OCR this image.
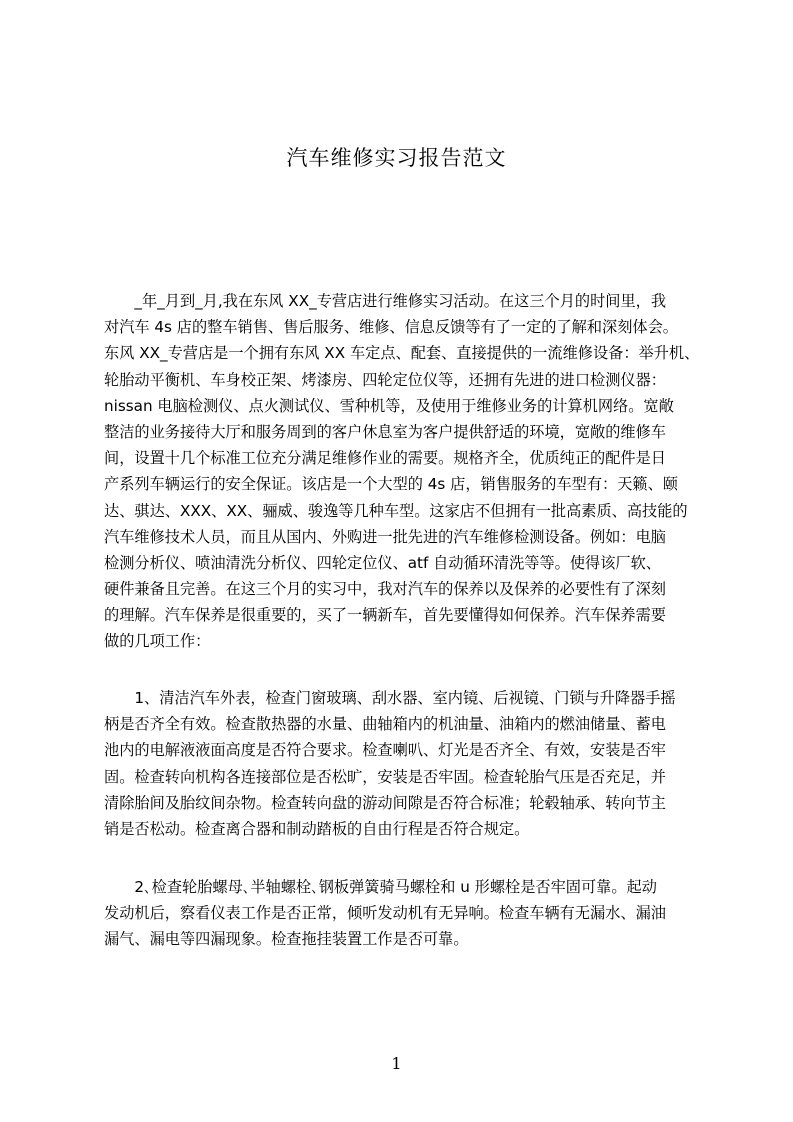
汽车维修实习报告范文
　　_年_月到_月,我在东风 XX_专营店进行维修实习活动。在这三个月的时间里，我
对汽车 4s 店的整车销售、售后服务、维修、信息反馈等有了一定的了解和深刻体会。
东风 XX_专营店是一个拥有东风 XX 车定点、配套、直接提供的一流维修设备：举升机、
轮胎动平衡机、车身校正架、烤漆房、四轮定位仪等，还拥有先进的进口检测仪器：
nissan 电脑检测仪、点火测试仪、雪种机等，及使用于维修业务的计算机网络。宽敞
整洁的业务接待大厅和服务周到的客户休息室为客户提供舒适的环境，宽敞的维修车
间，设置十几个标准工位充分满足维修作业的需要。规格齐全，优质纯正的配件是日
产系列车辆运行的安全保证。该店是一个大型的 4s 店，销售服务的车型有：天籁、颐
达、骐达、XXX、XX、骊威、骏逸等几种车型。这家店不但拥有一批高素质、高技能的
汽车维修技术人员，而且从国内、外购进一批先进的汽车维修检测设备。例如：电脑
检测分析仪、喷油清洗分析仪、四轮定位仪、atf 自动循环清洗等等。使得该厂软、
硬件兼备且完善。在这三个月的实习中，我对汽车的保养以及保养的必要性有了深刻
的理解。汽车保养是很重要的，买了一辆新车，首先要懂得如何保养。汽车保养需要
做的几项工作：
　　1、清洁汽车外表，检查门窗玻璃、刮水器、室内镜、后视镜、门锁与升降器手摇
柄是否齐全有效。检查散热器的水量、曲轴箱内的机油量、油箱内的燃油储量、蓄电
池内的电解液液面高度是否符合要求。检查喇叭、灯光是否齐全、有效，安装是否牢
固。检查转向机构各连接部位是否松旷，安装是否牢固。检查轮胎气压是否充足，并
清除胎间及胎纹间杂物。检查转向盘的游动间隙是否符合标准；轮毂轴承、转向节主
销是否松动。检查离合器和制动踏板的自由行程是否符合规定。
　　2､检查轮胎螺母､半轴螺栓､钢板弹簧骑马螺栓和 u 形螺栓是否牢固可靠。起动
发动机后，察看仪表工作是否正常，倾听发动机有无异响。检查车辆有无漏水、漏油
漏气、漏电等四漏现象。检查拖挂装置工作是否可靠。
1
